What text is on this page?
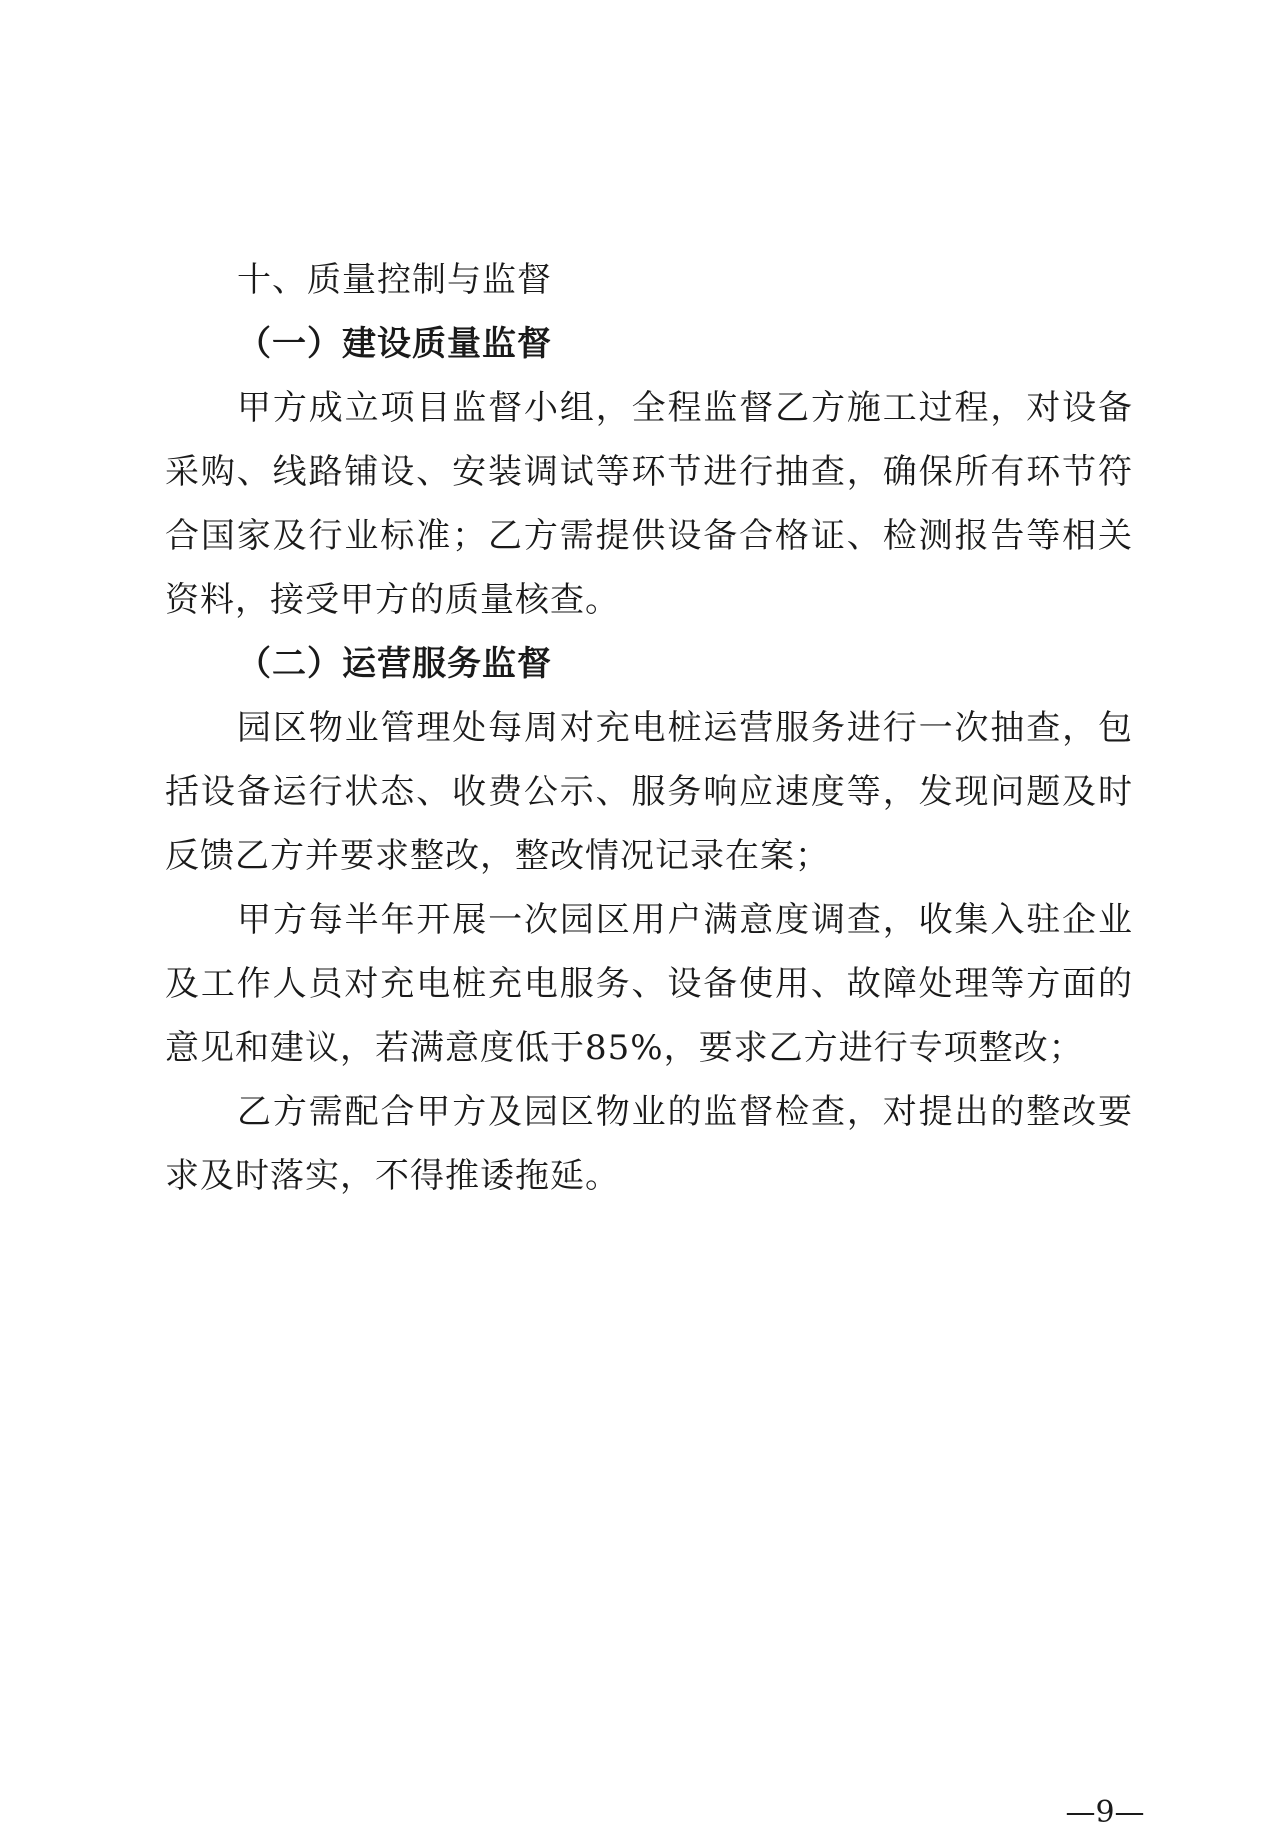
十、质量控制与监督
（一）建设质量监督

甲方成立项目监督小组，全程监督乙方施工过程，对设备采购、线路铺设、安装调试等环节进行抽查，确保所有环节符合国家及行业标准；乙方需提供设备合格证、检测报告等相关资料，接受甲方的质量核查。

（二）运营服务监督

园区物业管理处每周对充电桩运营服务进行一次抽查，包括设备运行状态、收费公示、服务响应速度等，发现问题及时反馈乙方并要求整改，整改情况记录在案；

甲方每半年开展一次园区用户满意度调查，收集入驻企业及工作人员对充电桩充电服务、设备使用、故障处理等方面的意见和建议，若满意度低于85%，要求乙方进行专项整改；

乙方需配合甲方及园区物业的监督检查，对提出的整改要求及时落实，不得推诿拖延。

—9—
